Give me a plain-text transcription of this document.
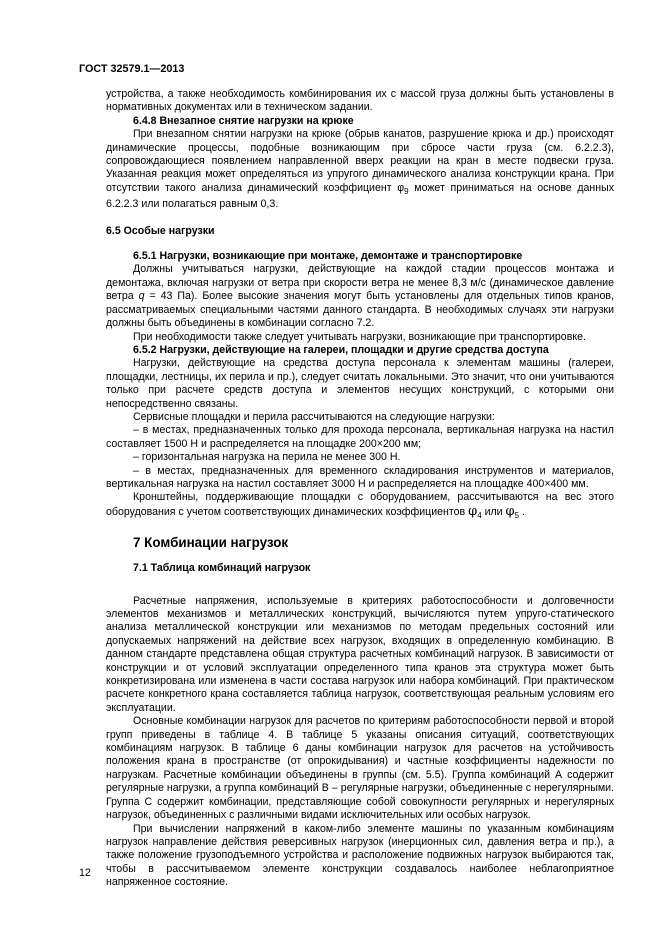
ГОСТ 32579.1—2013

устройства, а также необходимость комбинирования их с массой груза должны быть установлены в нормативных документах или в техническом задании.

6.4.8 Внезапное снятие нагрузки на крюке

При внезапном снятии нагрузки на крюке (обрыв канатов, разрушение крюка и др.) происходят динамические процессы, подобные возникающим при сбросе части груза (см. 6.2.2.3), сопровождающиеся появлением направленной вверх реакции на кран в месте подвески груза. Указанная реакция может определяться из упругого динамического анализа конструкции крана. При отсутствии такого анализа динамический коэффициент $\varphi_9$ может приниматься на основе данных 6.2.2.3 или полагаться равным 0,3.

6.5 Особые нагрузки

6.5.1 Нагрузки, возникающие при монтаже, демонтаже и транспортировке

Должны учитываться нагрузки, действующие на каждой стадии процессов монтажа и демонтажа, включая нагрузки от ветра при скорости ветра не менее 8,3 м/с (динамическое давление ветра q = 43 Па). Более высокие значения могут быть установлены для отдельных типов кранов, рассматриваемых специальными частями данного стандарта. В необходимых случаях эти нагрузки должны быть объединены в комбинации согласно 7.2.

При необходимости также следует учитывать нагрузки, возникающие при транспортировке.

6.5.2 Нагрузки, действующие на галереи, площадки и другие средства доступа

Нагрузки, действующие на средства доступа персонала к элементам машины (галереи, площадки, лестницы, их перила и пр.), следует считать локальными. Это значит, что они учитываются только при расчете средств доступа и элементов несущих конструкций, с которыми они непосредственно связаны.

Сервисные площадки и перила рассчитываются на следующие нагрузки:

– в местах, предназначенных только для прохода персонала, вертикальная нагрузка на настил составляет 1500 Н и распределяется на площадке 200×200 мм;

– горизонтальная нагрузка на перила не менее 300 Н.

– в местах, предназначенных для временного складирования инструментов и материалов, вертикальная нагрузка на настил составляет 3000 Н и распределяется на площадке 400×400 мм.

Кронштейны, поддерживающие площадки с оборудованием, рассчитываются на вес этого оборудования с учетом соответствующих динамических коэффициентов $\varphi_4$ или $\varphi_5$ .

7 Комбинации нагрузок

7.1 Таблица комбинаций нагрузок

Расчетные напряжения, используемые в критериях работоспособности и долговечности элементов механизмов и металлических конструкций, вычисляются путем упруго-статического анализа металлической конструкции или механизмов по методам предельных состояний или допускаемых напряжений на действие всех нагрузок, входящих в определенную комбинацию. В данном стандарте представлена общая структура расчетных комбинаций нагрузок. В зависимости от конструкции и от условий эксплуатации определенного типа кранов эта структура может быть конкретизирована или изменена в части состава нагрузок или набора комбинаций. При практическом расчете конкретного крана составляется таблица нагрузок, соответствующая реальным условиям его эксплуатации.

Основные комбинации нагрузок для расчетов по критериям работоспособности первой и второй групп приведены в таблице 4. В таблице 5 указаны описания ситуаций, соответствующих комбинациям нагрузок. В таблице 6 даны комбинации нагрузок для расчетов на устойчивость положения крана в пространстве (от опрокидывания) и частные коэффициенты надежности по нагрузкам. Расчетные комбинации объединены в группы (см. 5.5). Группа комбинаций А содержит регулярные нагрузки, а группа комбинаций В – регулярные нагрузки, объединенные с нерегулярными. Группа С содержит комбинации, представляющие собой совокупности регулярных и нерегулярных нагрузок, объединенных с различными видами исключительных или особых нагрузок.

При вычислении напряжений в каком-либо элементе машины по указанным комбинациям нагрузок направление действия реверсивных нагрузок (инерционных сил, давления ветра и пр.), а также положение грузоподъемного устройства и расположение подвижных нагрузок выбираются так, чтобы в рассчитываемом элементе конструкции создавалось наиболее неблагоприятное напряженное состояние.

12
